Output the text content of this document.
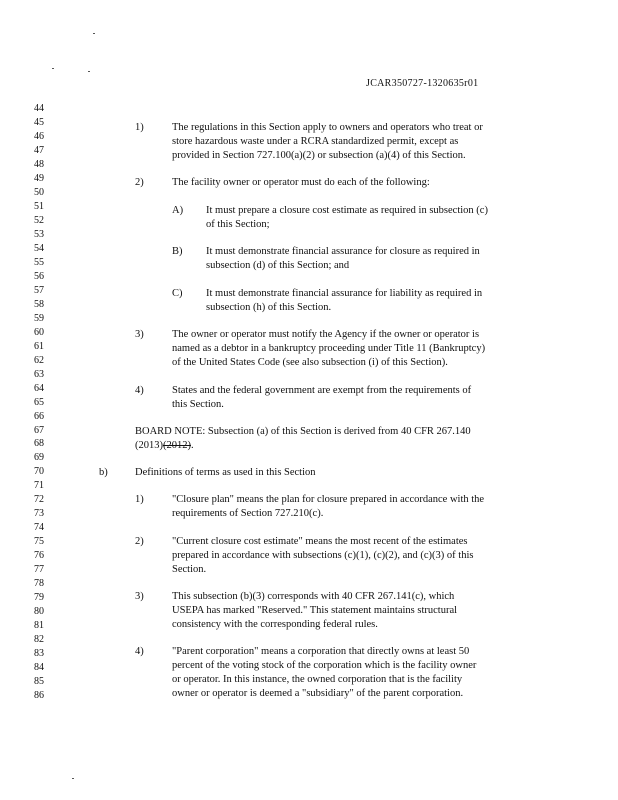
JCAR350727-1320635r01
44
45
46
47
48
49
50
51
52
53
54
55
56
57
58
59
60
61
62
63
64
65
66
67
68
69
70
71
72
73
74
75
76
77
78
79
80
81
82
83
84
85
86
1)	The regulations in this Section apply to owners and operators who treat or
store hazardous waste under a RCRA standardized permit, except as
provided in Section 727.100(a)(2) or subsection (a)(4) of this Section.
2)	The facility owner or operator must do each of the following:
A) It must prepare a closure cost estimate as required in subsection (c)
of this Section;
B) It must demonstrate financial assurance for closure as required in
subsection (d) of this Section; and
C) It must demonstrate financial assurance for liability as required in
subsection (h) of this Section.
3)	The owner or operator must notify the Agency if the owner or operator is
named as a debtor in a bankruptcy proceeding under Title 11 (Bankruptcy)
of the United States Code (see also subsection (i) of this Section).
4)	States and the federal government are exempt from the requirements of
this Section.
BOARD NOTE: Subsection (a) of this Section is derived from 40 CFR 267.140
(2013)(2012).
b)	Definitions of terms as used in this Section
1)	"Closure plan" means the plan for closure prepared in accordance with the
requirements of Section 727.210(c).
2)	"Current closure cost estimate" means the most recent of the estimates
prepared in accordance with subsections (c)(1), (c)(2), and (c)(3) of this
Section.
3)	This subsection (b)(3) corresponds with 40 CFR 267.141(c), which
USEPA has marked "Reserved." This statement maintains structural
consistency with the corresponding federal rules.
4)	"Parent corporation" means a corporation that directly owns at least 50
percent of the voting stock of the corporation which is the facility owner
or operator. In this instance, the owned corporation that is the facility
owner or operator is deemed a "subsidiary" of the parent corporation.
